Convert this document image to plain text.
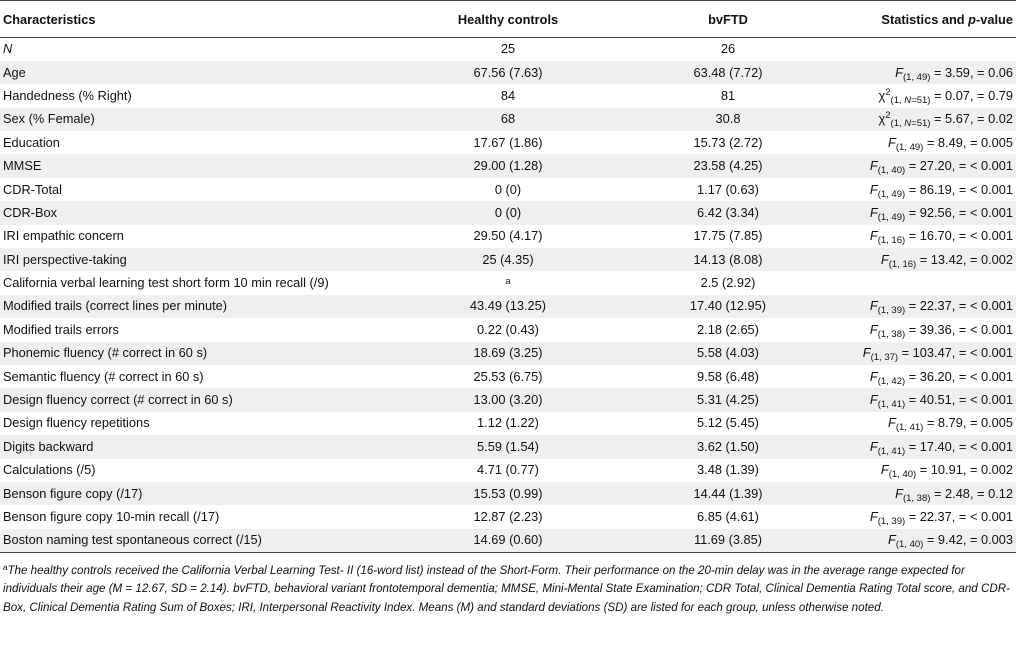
Characteristics	Healthy controls	bvFTD	Statistics and p-value
N	25	26	
Age	67.56 (7.63)	63.48 (7.72)	$F_{(1, 49)} = 3.59$, = 0.06
Handedness (% Right)	84	81	$\chi^2_{(1, N=51)} = 0.07$, = 0.79
Sex (% Female)	68	30.8	$\chi^2_{(1, N=51)} = 5.67$, = 0.02
Education	17.67 (1.86)	15.73 (2.72)	$F_{(1, 49)} = 8.49$, = 0.005
MMSE	29.00 (1.28)	23.58 (4.25)	$F_{(1, 40)} = 27.20$, = < 0.001
CDR-Total	0 (0)	1.17 (0.63)	$F_{(1, 49)} = 86.19$, = < 0.001
CDR-Box	0 (0)	6.42 (3.34)	$F_{(1, 49)} = 92.56$, = < 0.001
IRI empathic concern	29.50 (4.17)	17.75 (7.85)	$F_{(1, 16)} = 16.70$, = < 0.001
IRI perspective-taking	25 (4.35)	14.13 (8.08)	$F_{(1, 16)} = 13.42$, = 0.002
California verbal learning test short form 10 min recall (/9)	$^a$	2.5 (2.92)	
Modified trails (correct lines per minute)	43.49 (13.25)	17.40 (12.95)	$F_{(1, 39)} = 22.37$, = < 0.001
Modified trails errors	0.22 (0.43)	2.18 (2.65)	$F_{(1, 38)} = 39.36$, = < 0.001
Phonemic fluency (# correct in 60 s)	18.69 (3.25)	5.58 (4.03)	$F_{(1, 37)} = 103.47$, = < 0.001
Semantic fluency (# correct in 60 s)	25.53 (6.75)	9.58 (6.48)	$F_{(1, 42)} = 36.20$, = < 0.001
Design fluency correct (# correct in 60 s)	13.00 (3.20)	5.31 (4.25)	$F_{(1, 41)} = 40.51$, = < 0.001
Design fluency repetitions	1.12 (1.22)	5.12 (5.45)	$F_{(1, 41)} = 8.79$, = 0.005
Digits backward	5.59 (1.54)	3.62 (1.50)	$F_{(1, 41)} = 17.40$, = < 0.001
Calculations (/5)	4.71 (0.77)	3.48 (1.39)	$F_{(1, 40)} = 10.91$, = 0.002
Benson figure copy (/17)	15.53 (0.99)	14.44 (1.39)	$F_{(1, 38)} = 2.48$, = 0.12
Benson figure copy 10-min recall (/17)	12.87 (2.23)	6.85 (4.61)	$F_{(1, 39)} = 22.37$, = < 0.001
Boston naming test spontaneous correct (/15)	14.69 (0.60)	11.69 (3.85)	$F_{(1, 40)} = 9.42$, = 0.003
$^a$The healthy controls received the California Verbal Learning Test- II (16-word list) instead of the Short-Form. Their performance on the 20-min delay was in the average range expected for individuals their age (M = 12.67, SD = 2.14). bvFTD, behavioral variant frontotemporal dementia; MMSE, Mini-Mental State Examination; CDR Total, Clinical Dementia Rating Total score, and CDR-Box, Clinical Dementia Rating Sum of Boxes; IRI, Interpersonal Reactivity Index. Means (M) and standard deviations (SD) are listed for each group, unless otherwise noted.
